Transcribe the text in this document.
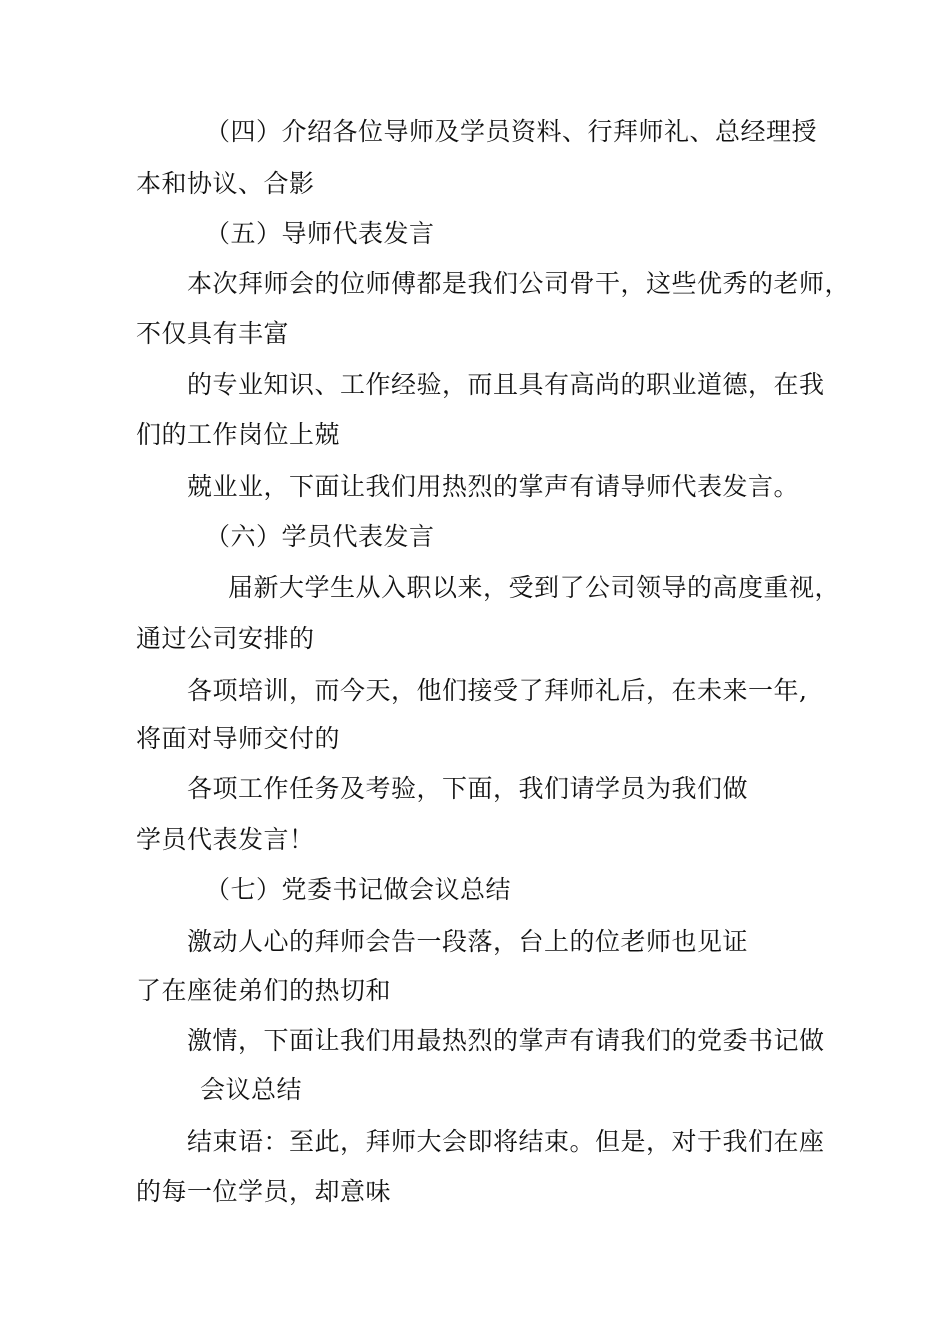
（四）介绍各位导师及学员资料、行拜师礼、总经理授
本和协议、合影
（五）导师代表发言
本次拜师会的位师傅都是我们公司骨干，这些优秀的老师，
不仅具有丰富
的专业知识、工作经验，而且具有高尚的职业道德，在我
们的工作岗位上兢
兢业业，下面让我们用热烈的掌声有请导师代表发言。
（六）学员代表发言
届新大学生从入职以来，受到了公司领导的高度重视，
通过公司安排的
各项培训，而今天，他们接受了拜师礼后，在未来一年,
将面对导师交付的
各项工作任务及考验，下面，我们请学员为我们做
学员代表发言！
（七）党委书记做会议总结
激动人心的拜师会告一段落，台上的位老师也见证
了在座徒弟们的热切和
激情，下面让我们用最热烈的掌声有请我们的党委书记做
会议总结
结束语：至此，拜师大会即将结束。但是，对于我们在座
的每一位学员，却意味
